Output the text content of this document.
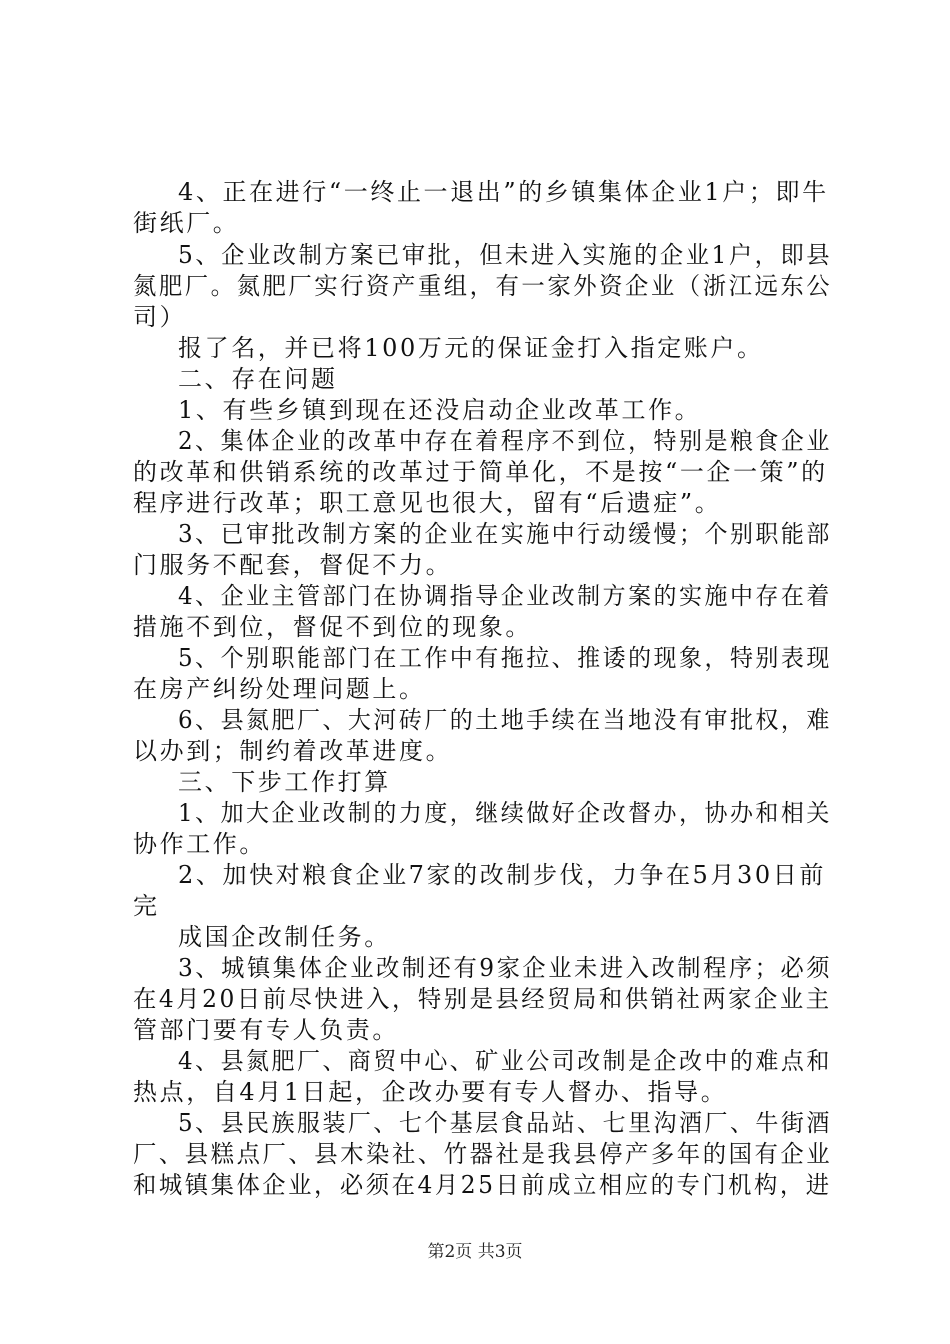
4、正在进行“一终止一退出”的乡镇集体企业1户；即牛
街纸厂。
5、企业改制方案已审批，但未进入实施的企业1户，即县
氮肥厂。氮肥厂实行资产重组，有一家外资企业（浙江远东公
司）
报了名，并已将100万元的保证金打入指定账户。
二、存在问题
1、有些乡镇到现在还没启动企业改革工作。
2、集体企业的改革中存在着程序不到位，特别是粮食企业
的改革和供销系统的改革过于简单化，不是按“一企一策”的
程序进行改革；职工意见也很大，留有“后遗症”。
3、已审批改制方案的企业在实施中行动缓慢；个别职能部
门服务不配套，督促不力。
4、企业主管部门在协调指导企业改制方案的实施中存在着
措施不到位，督促不到位的现象。
5、个别职能部门在工作中有拖拉、推诿的现象，特别表现
在房产纠纷处理问题上。
6、县氮肥厂、大河砖厂的土地手续在当地没有审批权，难
以办到；制约着改革进度。
三、下步工作打算
1、加大企业改制的力度，继续做好企改督办，协办和相关
协作工作。
2、加快对粮食企业7家的改制步伐，力争在5月30日前
完
成国企改制任务。
3、城镇集体企业改制还有9家企业未进入改制程序；必须
在4月20日前尽快进入，特别是县经贸局和供销社两家企业主
管部门要有专人负责。
4、县氮肥厂、商贸中心、矿业公司改制是企改中的难点和
热点，自4月1日起，企改办要有专人督办、指导。
5、县民族服装厂、七个基层食品站、七里沟酒厂、牛街酒
厂、县糕点厂、县木染社、竹器社是我县停产多年的国有企业
和城镇集体企业，必须在4月25日前成立相应的专门机构，进
第2页 共3页
